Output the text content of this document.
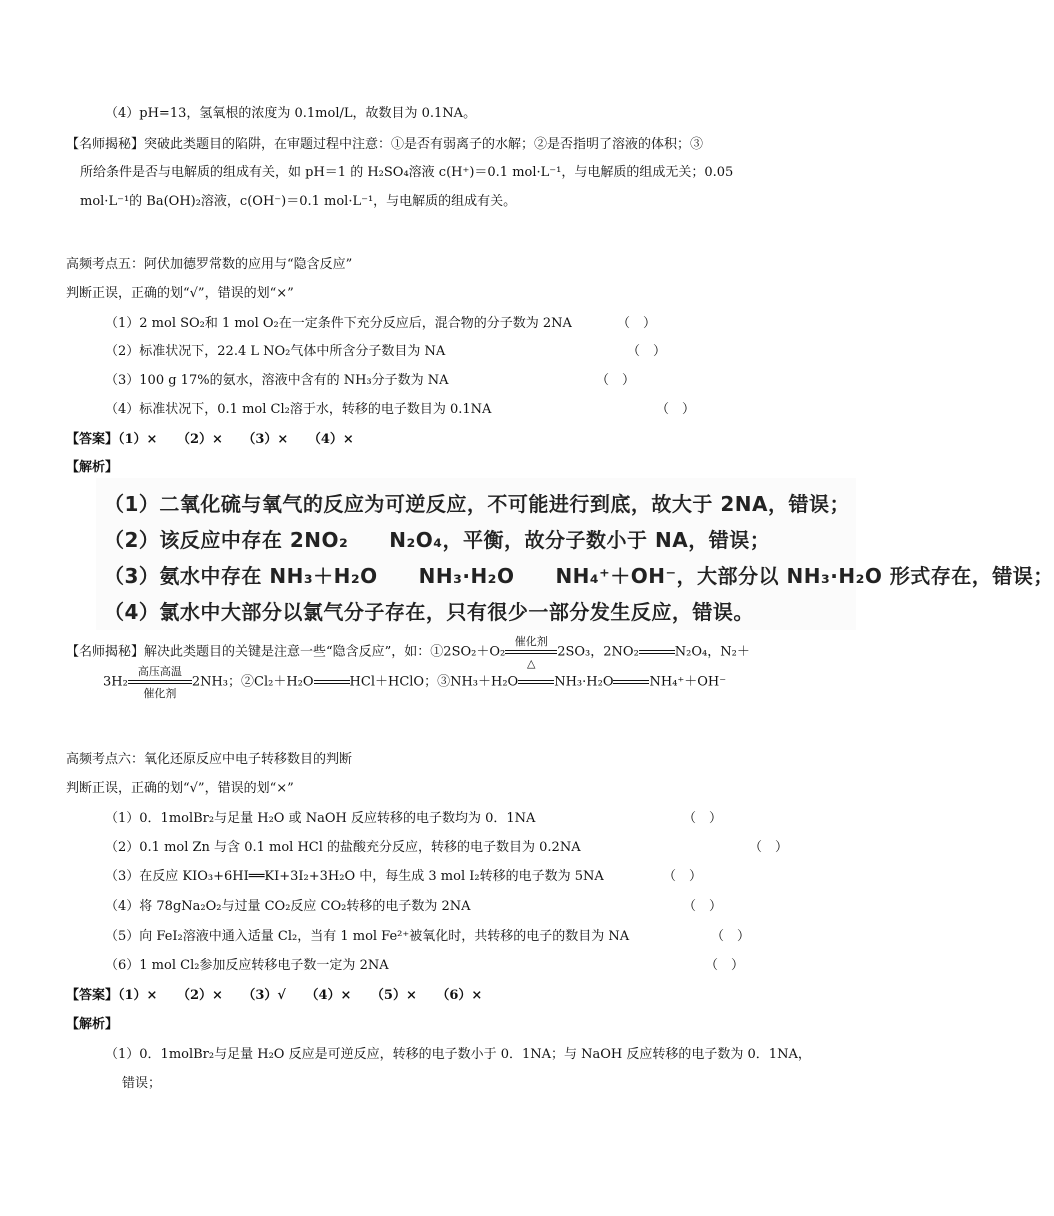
（4）pH=13，氢氧根的浓度为 0.1mol/L，故数目为 0.1NA。
【名师揭秘】突破此类题目的陷阱，在审题过程中注意：①是否有弱离子的水解；②是否指明了溶液的体积；③
所给条件是否与电解质的组成有关，如 pH＝1 的 H₂SO₄溶液 c(H⁺)＝0.1 mol·L⁻¹，与电解质的组成无关；0.05
mol·L⁻¹的 Ba(OH)₂溶液，c(OH⁻)＝0.1 mol·L⁻¹，与电解质的组成有关。
高频考点五：阿伏加德罗常数的应用与“隐含反应”
判断正误，正确的划“√”，错误的划“×”
（1）2 mol SO₂和 1 mol O₂在一定条件下充分反应后，混合物的分子数为 2NA	（　）
（2）标准状况下，22.4 L NO₂气体中所含分子数目为 NA	（　）
（3）100 g 17%的氨水，溶液中含有的 NH₃分子数为 NA	（　）
（4）标准状况下，0.1 mol Cl₂溶于水，转移的电子数目为 0.1NA	（　）
【答案】（1）×　　（2）×　　（3）×　　（4）×
【解析】
（1）二氧化硫与氧气的反应为可逆反应，不可能进行到底，故大于 2NA，错误；
（2）该反应中存在 2NO₂　　N₂O₄，平衡，故分子数小于 NA，错误；
（3）氨水中存在 NH₃＋H₂O　　NH₃·H₂O　　NH₄⁺＋OH⁻，大部分以 NH₃·H₂O 形式存在，错误；
（4）氯水中大部分以氯气分子存在，只有很少一部分发生反应，错误。
【名师揭秘】解决此类题目的关键是注意一些“隐含反应”，如：①2SO₂＋O₂
催化剂
△
2SO₃，2NO₂	N₂O₄，N₂＋
3H₂
高压高温
催化剂
2NH₃；②Cl₂＋H₂O	HCl＋HClO；③NH₃＋H₂O	NH₃·H₂O	NH₄⁺＋OH⁻
高频考点六：氧化还原反应中电子转移数目的判断
判断正误，正确的划“√”，错误的划“×”
（1）0．1molBr₂与足量 H₂O 或 NaOH 反应转移的电子数均为 0．1NA	（　）
（2）0.1 mol Zn 与含 0.1 mol HCl 的盐酸充分反应，转移的电子数目为 0.2NA	（　）
（3）在反应 KIO₃+6HI══KI+3I₂+3H₂O 中，每生成 3 mol I₂转移的电子数为 5NA	（　）
（4）将 78gNa₂O₂与过量 CO₂反应 CO₂转移的电子数为 2NA	（　）
（5）向 FeI₂溶液中通入适量 Cl₂，当有 1 mol Fe²⁺被氧化时，共转移的电子的数目为 NA	（　）
（6）1 mol Cl₂参加反应转移电子数一定为 2NA	（　）
【答案】（1）×　　（2）×　　（3）√　　（4）×　　（5）×　　（6）×
【解析】
（1）0．1molBr₂与足量 H₂O 反应是可逆反应，转移的电子数小于 0．1NA；与 NaOH 反应转移的电子数为 0．1NA，
错误；
